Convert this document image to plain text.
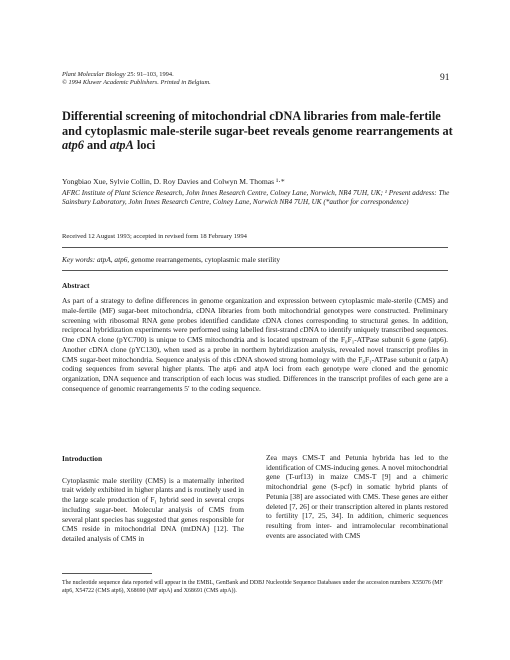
Plant Molecular Biology 25: 91–103, 1994.
© 1994 Kluwer Academic Publishers. Printed in Belgium.	91
Differential screening of mitochondrial cDNA libraries from male-fertile and cytoplasmic male-sterile sugar-beet reveals genome rearrangements at atp6 and atpA loci
Yongbiao Xue, Sylvie Collin, D. Roy Davies and Colwyn M. Thomas ¹·*
AFRC Institute of Plant Science Research, John Innes Research Centre, Colney Lane, Norwich, NR4 7UH, UK; ¹ Present address: The Sainsbury Laboratory, John Innes Research Centre, Colney Lane, Norwich NR4 7UH, UK (*author for correspondence)
Received 12 August 1993; accepted in revised form 18 February 1994
Key words: atpA, atp6, genome rearrangements, cytoplasmic male sterility
Abstract
As part of a strategy to define differences in genome organization and expression between cytoplasmic male-sterile (CMS) and male-fertile (MF) sugar-beet mitochondria, cDNA libraries from both mitochondrial genotypes were constructed. Preliminary screening with ribosomal RNA gene probes identified candidate cDNA clones corresponding to structural genes. In addition, reciprocal hybridization experiments were performed using labelled first-strand cDNA to identify uniquely transcribed sequences. One cDNA clone (pYC700) is unique to CMS mitochondria and is located upstream of the F₀F₁-ATPase subunit 6 gene (atp6). Another cDNA clone (pYC130), when used as a probe in northern hybridization analysis, revealed novel transcript profiles in CMS sugar-beet mitochondria. Sequence analysis of this cDNA showed strong homology with the F₀F₁-ATPase subunit α (atpA) coding sequences from several higher plants. The atp6 and atpA loci from each genotype were cloned and the genomic organization, DNA sequence and transcription of each locus was studied. Differences in the transcript profiles of each gene are a consequence of genomic rearrangements 5′ to the coding sequence.
Introduction
Cytoplasmic male sterility (CMS) is a maternally inherited trait widely exhibited in higher plants and is routinely used in the large scale production of F₁ hybrid seed in several crops including sugar-beet. Molecular analysis of CMS from several plant species has suggested that genes responsible for CMS reside in mitochondrial DNA (mtDNA) [12]. The detailed analysis of CMS in
Zea mays CMS-T and Petunia hybrida has led to the identification of CMS-inducing genes. A novel mitochondrial gene (T-urf13) in maize CMS-T [9] and a chimeric mitochondrial gene (S-pcf) in somatic hybrid plants of Petunia [38] are associated with CMS. These genes are either deleted [7, 26] or their transcription altered in plants restored to fertility [17, 25, 34]. In addition, chimeric sequences resulting from inter- and intramolecular recombinational events are associated with CMS
The nucleotide sequence data reported will appear in the EMBL, GenBank and DDBJ Nucleotide Sequence Databases under the accession numbers X55076 (MF atp6, X54722 (CMS atp6), X68690 (MF atpA) and X68691 (CMS atpA)).
